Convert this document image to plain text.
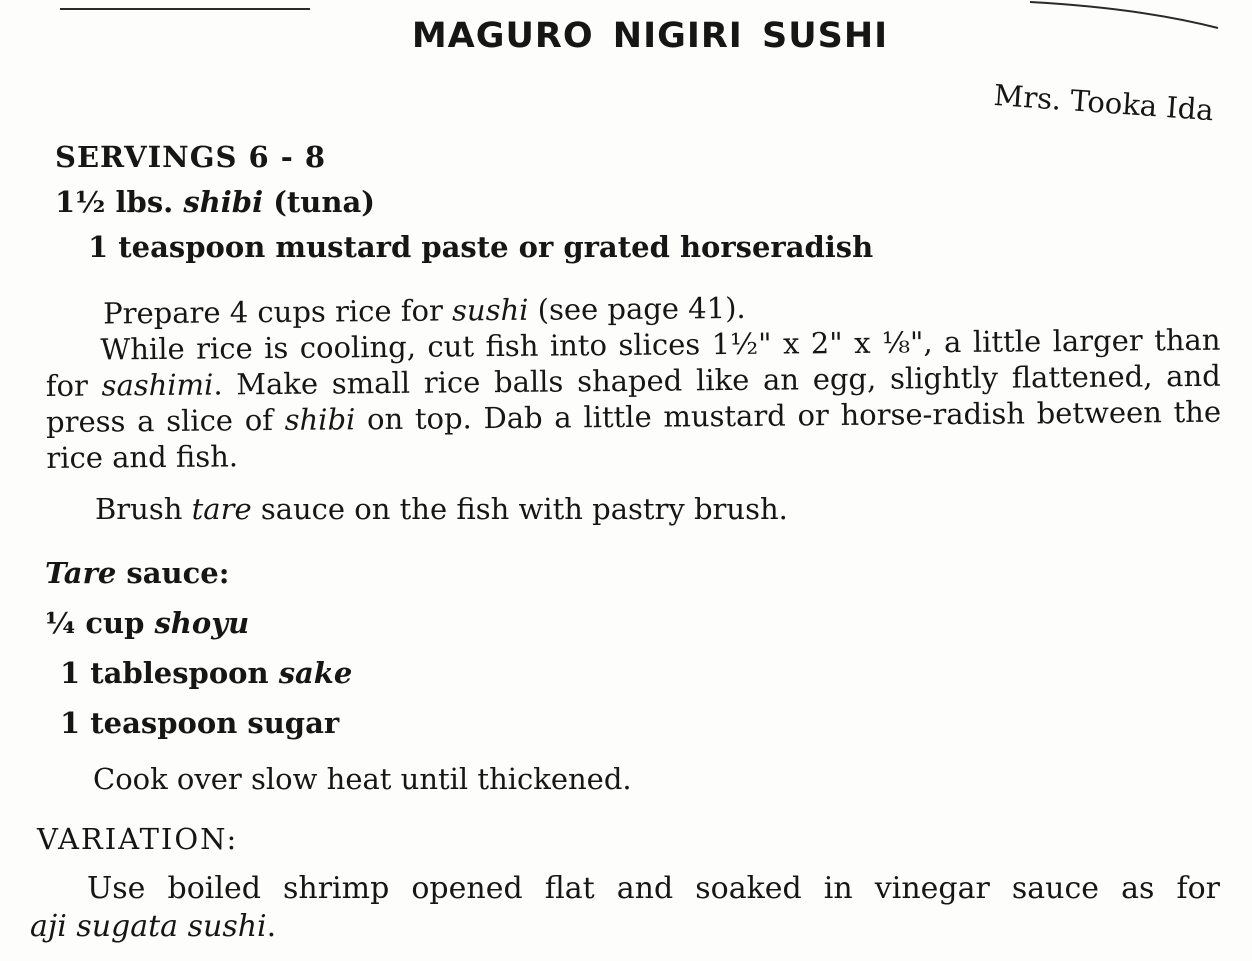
MAGURO NIGIRI SUSHI
Mrs. Tooka Ida
SERVINGS 6 - 8
1½ lbs. shibi (tuna)
1 teaspoon mustard paste or grated horseradish
Prepare 4 cups rice for sushi (see page 41).
While rice is cooling, cut fish into slices 1½" x 2" x ⅛", a little larger than for sashimi. Make small rice balls shaped like an egg, slightly flattened, and press a slice of shibi on top. Dab a little mustard or horse-radish between the rice and fish.
Brush tare sauce on the fish with pastry brush.
Tare sauce:
¼ cup shoyu
1 tablespoon sake
1 teaspoon sugar
Cook over slow heat until thickened.
VARIATION:
Use boiled shrimp opened flat and soaked in vinegar sauce as for
aji sugata sushi.
